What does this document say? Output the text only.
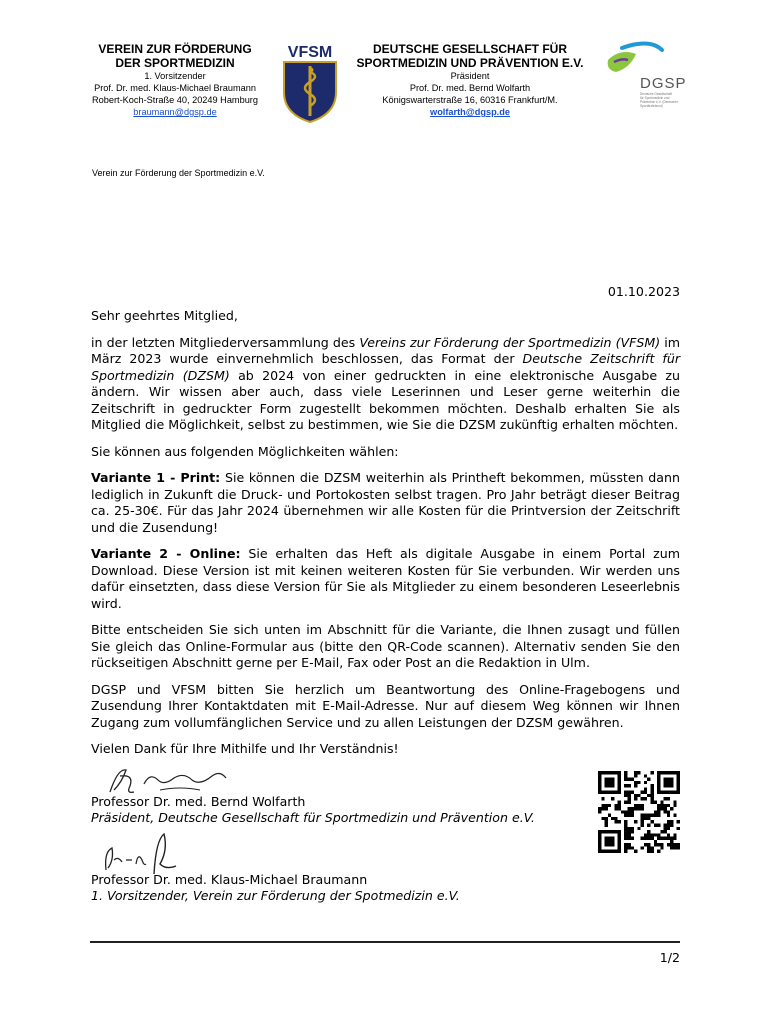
VEREIN ZUR FÖRDERUNG
DER SPORTMEDIZIN
1. Vorsitzender
Prof. Dr. med. Klaus-Michael Braumann
Robert-Koch-Straße 40, 20249 Hamburg
braumann@dgsp.de
VFSM	DEUTSCHE GESELLSCHAFT FÜR
SPORTMEDIZIN UND PRÄVENTION E.V.
Präsident
Prof. Dr. med. Bernd Wolfarth
Königswarterstraße 16, 60316 Frankfurt/M.
wolfarth@dgsp.de
DGSP
Deutsche Gesellschaft
für Sportmedizin und
Prävention e.V. (Deutscher
Sportärztebund)
Verein zur Förderung der Sportmedizin e.V.
01.10.2023

Sehr geehrtes Mitglied,

in der letzten Mitgliederversammlung des Vereins zur Förderung der Sportmedizin (VFSM) im März 2023 wurde einvernehmlich beschlossen, das Format der Deutsche Zeitschrift für Sportmedizin (DZSM) ab 2024 von einer gedruckten in eine elektronische Ausgabe zu ändern. Wir wissen aber auch, dass viele Leserinnen und Leser gerne weiterhin die Zeitschrift in gedruckter Form zugestellt bekommen möchten. Deshalb erhalten Sie als Mitglied die Möglichkeit, selbst zu bestimmen, wie Sie die DZSM zukünftig erhalten möchten.

Sie können aus folgenden Möglichkeiten wählen:

Variante 1 - Print: Sie können die DZSM weiterhin als Printheft bekommen, müssten dann lediglich in Zukunft die Druck- und Portokosten selbst tragen. Pro Jahr beträgt dieser Beitrag ca. 25-30€. Für das Jahr 2024 übernehmen wir alle Kosten für die Printversion der Zeitschrift und die Zusendung!

Variante 2 - Online: Sie erhalten das Heft als digitale Ausgabe in einem Portal zum Download. Diese Version ist mit keinen weiteren Kosten für Sie verbunden. Wir werden uns dafür einsetzten, dass diese Version für Sie als Mitglieder zu einem besonderen Leseerlebnis wird.

Bitte entscheiden Sie sich unten im Abschnitt für die Variante, die Ihnen zusagt und füllen Sie gleich das Online-Formular aus (bitte den QR-Code scannen). Alternativ senden Sie den rückseitigen Abschnitt gerne per E-Mail, Fax oder Post an die Redaktion in Ulm.

DGSP und VFSM bitten Sie herzlich um Beantwortung des Online-Fragebogens und Zusendung Ihrer Kontaktdaten mit E-Mail-Adresse. Nur auf diesem Weg können wir Ihnen Zugang zum vollumfänglichen Service und zu allen Leistungen der DZSM gewähren.

Vielen Dank für Ihre Mithilfe und Ihr Verständnis!

Professor Dr. med. Bernd Wolfarth
Präsident, Deutsche Gesellschaft für Sportmedizin und Prävention e.V.
Professor Dr. med. Klaus-Michael Braumann
1. Vorsitzender, Verein zur Förderung der Spotmedizin e.V.
1/2
